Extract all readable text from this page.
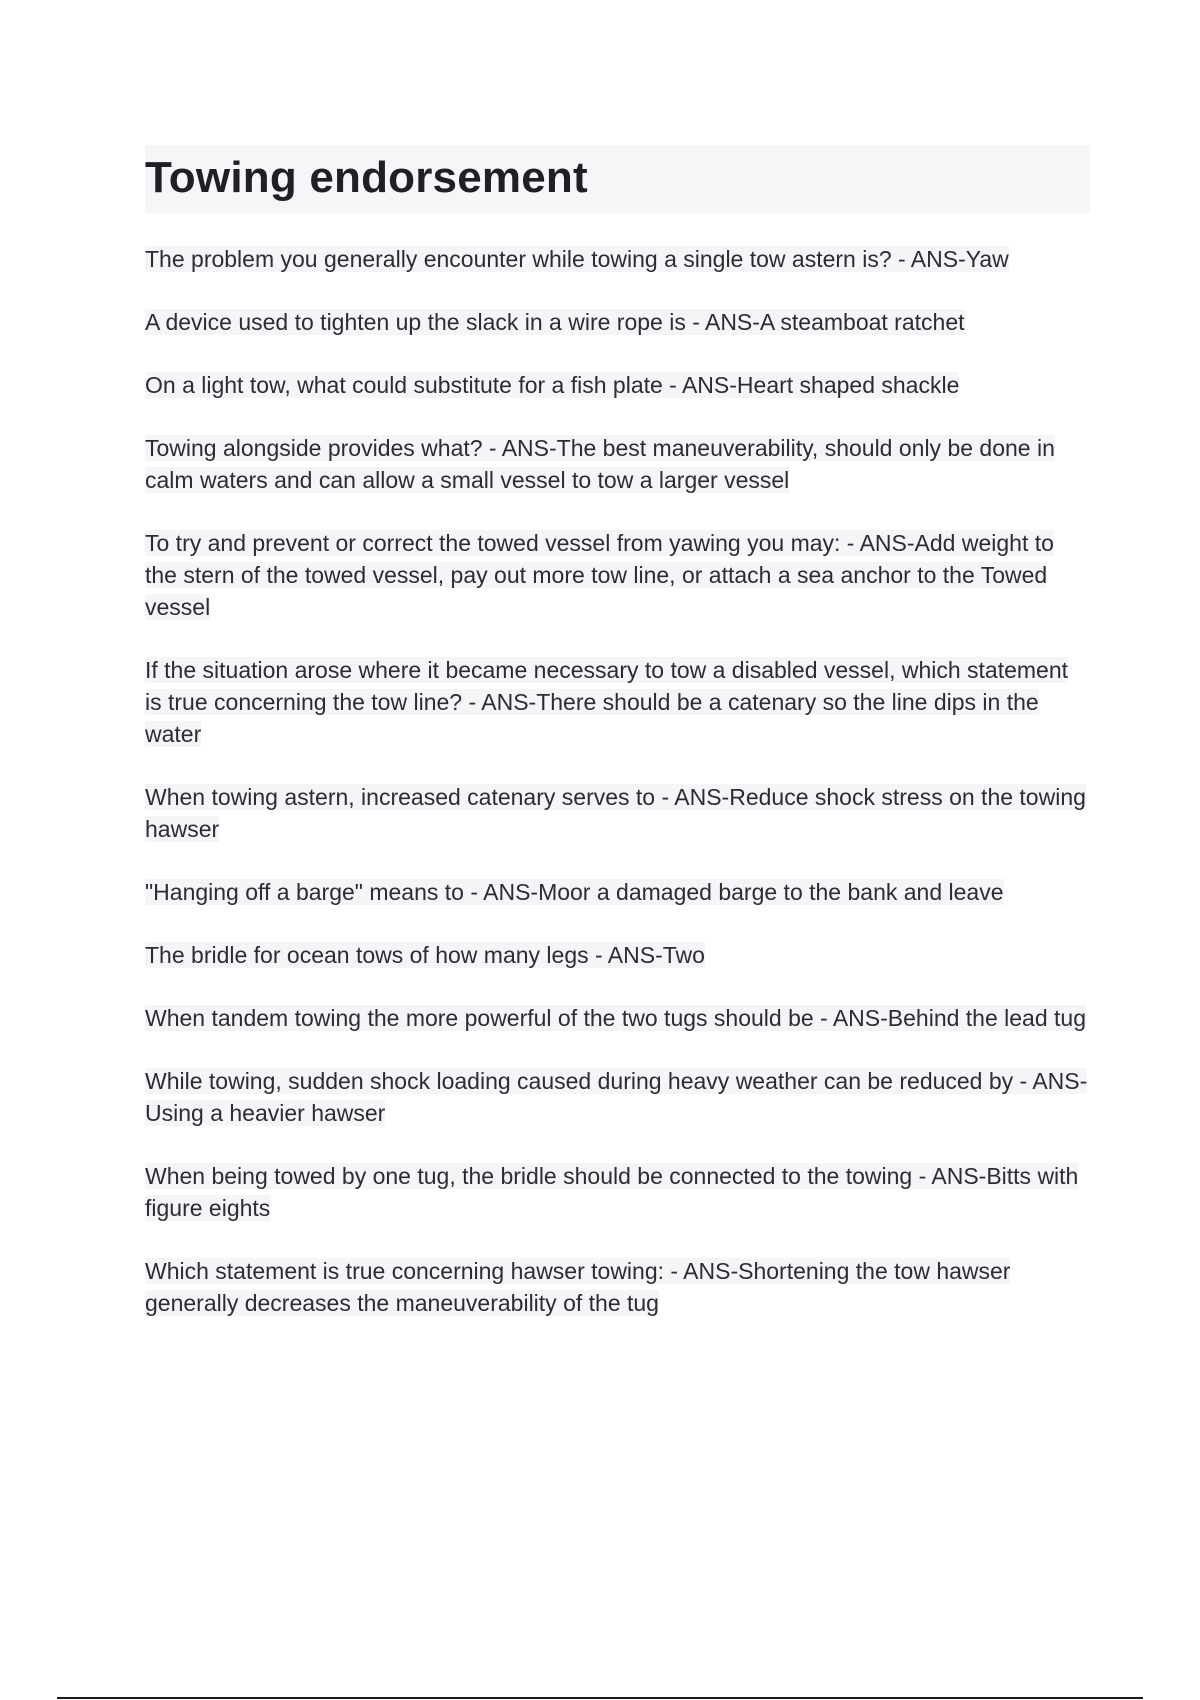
Towing endorsement
The problem you generally encounter while towing a single tow astern is? - ANS-Yaw
A device used to tighten up the slack in a wire rope is - ANS-A steamboat ratchet
On a light tow, what could substitute for a fish plate - ANS-Heart shaped shackle
Towing alongside provides what? - ANS-The best maneuverability, should only be done in calm waters and can allow a small vessel to tow a larger vessel
To try and prevent or correct the towed vessel from yawing you may: - ANS-Add weight to the stern of the towed vessel, pay out more tow line, or attach a sea anchor to the Towed vessel
If the situation arose where it became necessary to tow a disabled vessel, which statement is true concerning the tow line? - ANS-There should be a catenary so the line dips in the water
When towing astern, increased catenary serves to - ANS-Reduce shock stress on the towing hawser
"Hanging off a barge" means to - ANS-Moor a damaged barge to the bank and leave
The bridle for ocean tows of how many legs - ANS-Two
When tandem towing the more powerful of the two tugs should be - ANS-Behind the lead tug
While towing, sudden shock loading caused during heavy weather can be reduced by - ANS-Using a heavier hawser
When being towed by one tug, the bridle should be connected to the towing - ANS-Bitts with figure eights
Which statement is true concerning hawser towing: - ANS-Shortening the tow hawser generally decreases the maneuverability of the tug
